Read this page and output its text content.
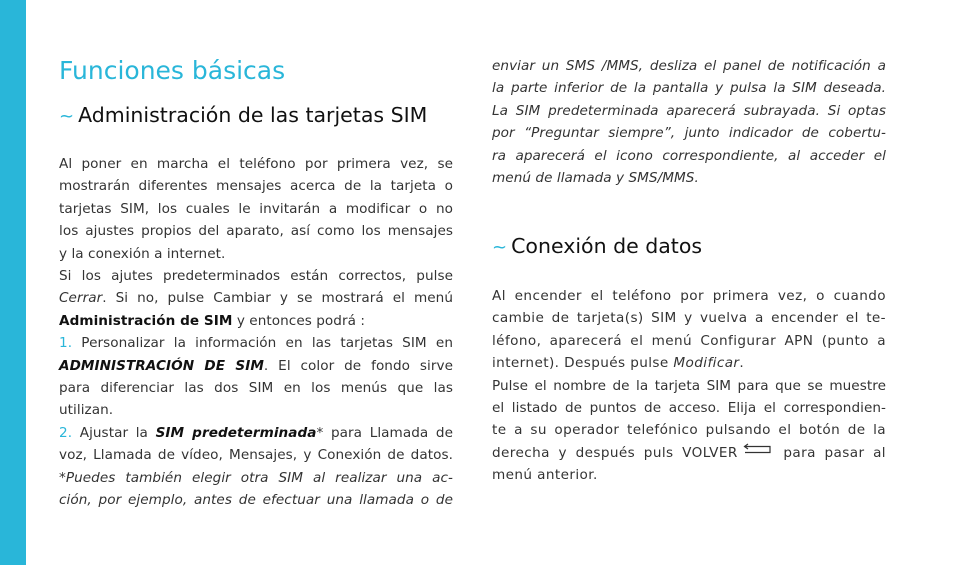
Funciones básicas
~ Administración de las tarjetas SIM

Al poner en marcha el teléfono por primera vez, se
mostrarán diferentes mensajes acerca de la tarjeta o
tarjetas SIM, los cuales le invitarán a modificar o no
los ajustes propios del aparato, así como los mensajes
y la conexión a internet.
Si los ajutes predeterminados están correctos, pulse
Cerrar. Si no, pulse Cambiar y se mostrará el menú
Administración de SIM y entonces podrá :
1. Personalizar la información en las tarjetas SIM en
ADMINISTRACIÓN DE SIM. El color de fondo sirve
para diferenciar las dos SIM en los menús que las
utilizan.
2. Ajustar la SIM predeterminada* para Llamada de
voz, Llamada de vídeo, Mensajes, y Conexión de datos.
*Puedes también elegir otra SIM al realizar una ac-
ción, por ejemplo, antes de efectuar una llamada o de

enviar un SMS /MMS, desliza el panel de notificación a
la parte inferior de la pantalla y pulsa la SIM deseada.
La SIM predeterminada aparecerá subrayada. Si optas
por “Preguntar siempre”, junto indicador de cobertu-
ra aparecerá el icono correspondiente, al acceder el
menú de llamada y SMS/MMS.

~ Conexión de datos

Al encender el teléfono por primera vez, o cuando
cambie de tarjeta(s) SIM y vuelva a encender el te-
léfono, aparecerá el menú Configurar APN (punto a
internet). Después pulse Modificar.
Pulse el nombre de la tarjeta SIM para que se muestre
el listado de puntos de acceso. Elija el correspondien-
te a su operador telefónico pulsando el botón de la
derecha y después puls VOLVER	para pasar al
menú anterior.
